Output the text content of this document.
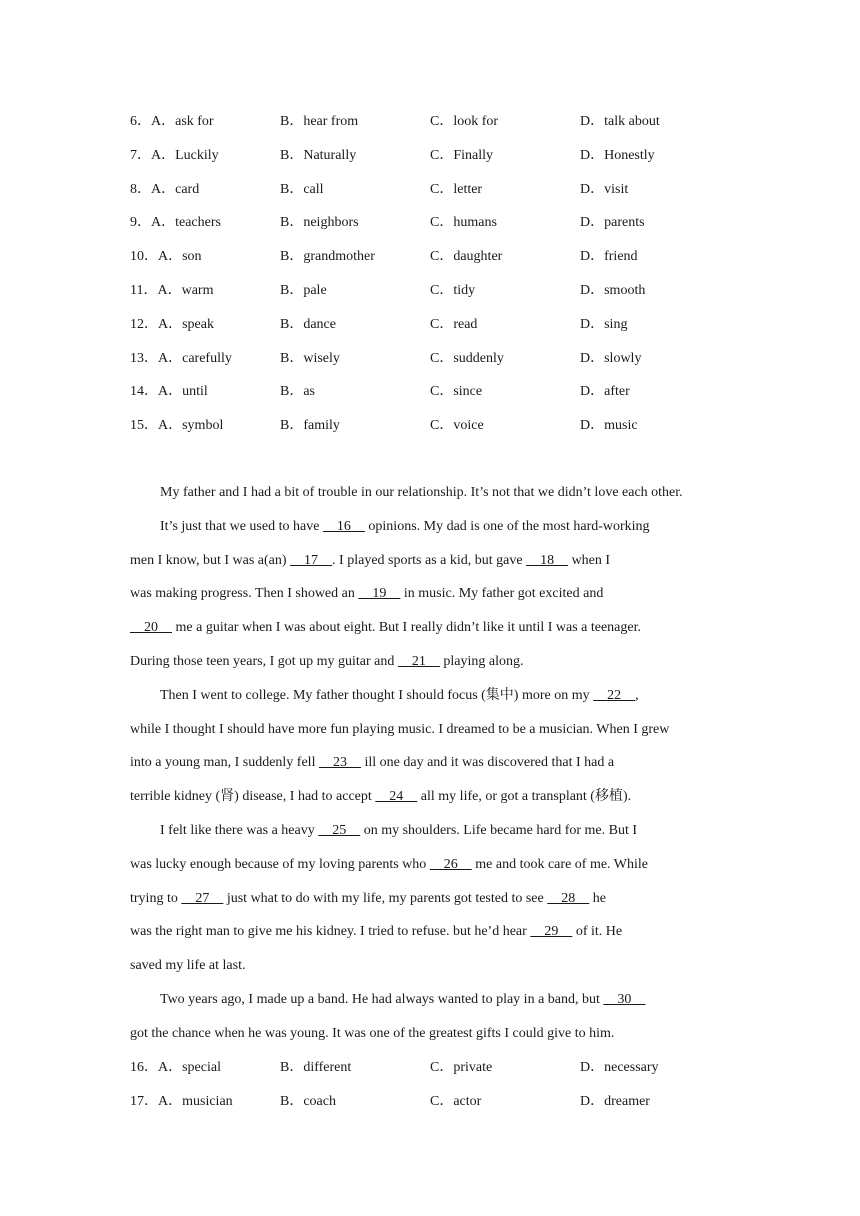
6．A．ask for	B．hear from	C．look for	D．talk about
7．A．Luckily	B．Naturally	C．Finally	D．Honestly
8．A．card	B．call	C．letter	D．visit
9．A．teachers	B．neighbors	C．humans	D．parents
10．A．son	B．grandmother	C．daughter	D．friend
11．A．warm	B．pale	C．tidy	D．smooth
12．A．speak	B．dance	C．read	D．sing
13．A．carefully	B．wisely	C．suddenly	D．slowly
14．A．until	B．as	C．since	D．after
15．A．symbol	B．family	C．voice	D．music
My father and I had a bit of trouble in our relationship. It’s not that we didn’t love each other.
It’s just that we used to have     16     opinions. My dad is one of the most hard-working
men I know, but I was a(an)     17    . I played sports as a kid, but gave     18     when I
was making progress. Then I showed an     19     in music. My father got excited and
20     me a guitar when I was about eight. But I really didn’t like it until I was a teenager.
During those teen years, I got up my guitar and     21     playing along.
Then I went to college. My father thought I should focus (集中) more on my     22    ,
while I thought I should have more fun playing music. I dreamed to be a musician. When I grew
into a young man, I suddenly fell     23     ill one day and it was discovered that I had a
terrible kidney (肾) disease, I had to accept     24     all my life, or got a transplant (移植).
I felt like there was a heavy     25     on my shoulders. Life became hard for me. But I
was lucky enough because of my loving parents who     26     me and took care of me. While
trying to     27     just what to do with my life, my parents got tested to see     28     he
was the right man to give me his kidney. I tried to refuse. but he’d hear     29     of it. He
saved my life at last.
Two years ago, I made up a band. He had always wanted to play in a band, but     30
got the chance when he was young. It was one of the greatest gifts I could give to him.
16．A．special	B．different	C．private	D．necessary
17．A．musician	B．coach	C．actor	D．dreamer
